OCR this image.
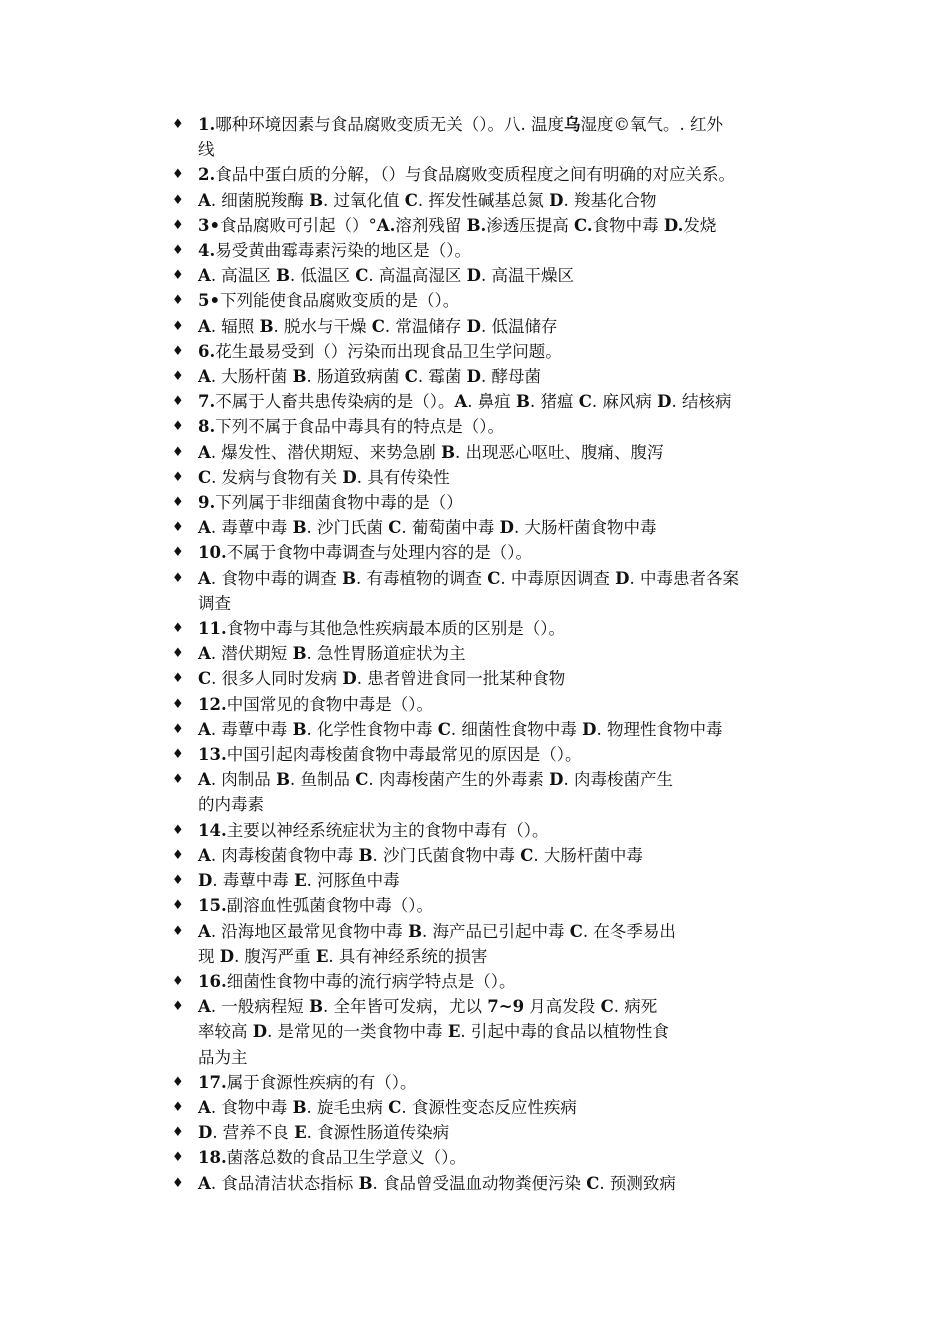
♦ 1.哪种环境因素与食品腐败变质无关（）。八. 温度乌湿度©氧气。. 红外
线
♦ 2.食品中蛋白质的分解，（）与食品腐败变质程度之间有明确的对应关系。
♦ A. 细菌脱羧酶 B. 过氧化值 C. 挥发性碱基总氮 D. 羧基化合物
♦ 3•食品腐败可引起（）°A.溶剂残留 B.渗透压提高 C.食物中毒 D.发烧
♦ 4.易受黄曲霉毒素污染的地区是（）。
♦ A. 高温区 B. 低温区 C. 高温高湿区 D. 高温干燥区
♦ 5•下列能使食品腐败变质的是（）。
♦ A. 辐照 B. 脱水与干燥 C. 常温储存 D. 低温储存
♦ 6.花生最易受到（）污染而出现食品卫生学问题。
♦ A. 大肠杆菌 B. 肠道致病菌 C. 霉菌 D. 酵母菌
♦ 7.不属于人畜共患传染病的是（）。A. 鼻疽 B. 猪瘟 C. 麻风病 D. 结核病
♦ 8.下列不属于食品中毒具有的特点是（）。
♦ A. 爆发性、潜伏期短、来势急剧 B. 出现恶心呕吐、腹痛、腹泻
♦ C. 发病与食物有关 D. 具有传染性
♦ 9.下列属于非细菌食物中毒的是（）
♦ A. 毒蕈中毒 B. 沙门氏菌 C. 葡萄菌中毒 D. 大肠杆菌食物中毒
♦ 10.不属于食物中毒调查与处理内容的是（）。
♦ A. 食物中毒的调查 B. 有毒植物的调查 C. 中毒原因调查 D. 中毒患者各案
调查
♦ 11.食物中毒与其他急性疾病最本质的区别是（）。
♦ A. 潜伏期短 B. 急性胃肠道症状为主
♦ C. 很多人同时发病 D. 患者曾进食同一批某种食物
♦ 12.中国常见的食物中毒是（）。
♦ A. 毒蕈中毒 B. 化学性食物中毒 C. 细菌性食物中毒 D. 物理性食物中毒
♦ 13.中国引起肉毒梭菌食物中毒最常见的原因是（）。
♦ A. 肉制品 B. 鱼制品 C. 肉毒梭菌产生的外毒素 D. 肉毒梭菌产生
的内毒素
♦ 14.主要以神经系统症状为主的食物中毒有（）。
♦ A. 肉毒梭菌食物中毒 B. 沙门氏菌食物中毒 C. 大肠杆菌中毒
♦ D. 毒蕈中毒 E. 河豚鱼中毒
♦ 15.副溶血性弧菌食物中毒（）。
♦ A. 沿海地区最常见食物中毒 B. 海产品已引起中毒 C. 在冬季易出
现 D. 腹泻严重 E. 具有神经系统的损害
♦ 16.细菌性食物中毒的流行病学特点是（）。
♦ A. 一般病程短 B. 全年皆可发病，尤以 7~9 月高发段 C. 病死
率较高 D. 是常见的一类食物中毒 E. 引起中毒的食品以植物性食
品为主
♦ 17.属于食源性疾病的有（）。
♦ A. 食物中毒 B. 旋毛虫病 C. 食源性变态反应性疾病
♦ D. 营养不良 E. 食源性肠道传染病
♦ 18.菌落总数的食品卫生学意义（）。
♦ A. 食品清洁状态指标 B. 食品曾受温血动物粪便污染 C. 预测致病
